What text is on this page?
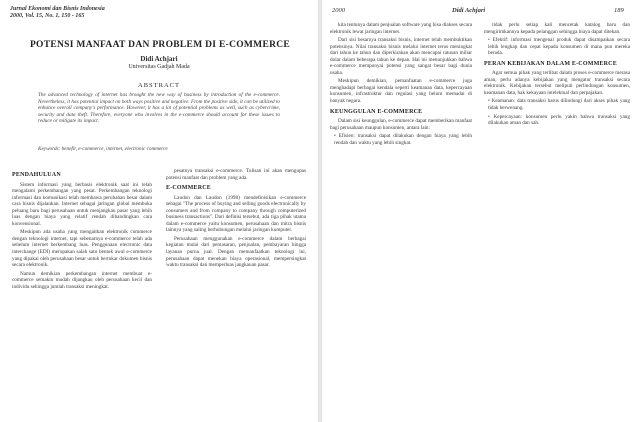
Jurnal Ekonomi dan Bisnis Indonesia
2000, Vol. 15, No. 1, 150 - 165
POTENSI MANFAAT DAN PROBLEM DI E-COMMERCE
Didi Achjari
Universitas Gadjah Mada
ABSTRACT
The advanced technology of internet has brought the new way of business by introduction of the e-commerce. Nevertheless, it has potential impact on both ways positive and negative. From the positive side, it can be utilized to enhance overall company's performance. However, it has a lot of potential problems as well, such as cybercrime, security and data theft. Therefore, everyone who involves in the e-commerce should account for these issues to reduce or mitigate its impact.
Keywords: benefit, e-commerce, internet, electronic commerce
PENDAHULUAN

Sistem informasi yang berbasis elektronik saat ini telah mengalami perkembangan yang pesat. Perkembangan teknologi informasi dan komunikasi telah membawa perubahan besar dalam cara bisnis dijalankan. Internet sebagai jaringan global membuka peluang baru bagi perusahaan untuk menjangkau pasar yang lebih luas dengan biaya yang relatif rendah dibandingkan cara konvensional.

Meskipun ada usaha yang mengaitkan elektronik commerce dengan teknologi internet, tapi sebenarnya e-commerce telah ada sebelum internet berkembang luas. Penggunaan electronic data interchange (EDI) merupakan salah satu bentuk awal e-commerce yang dipakai oleh perusahaan besar untuk bertukar dokumen bisnis secara elektronik.

Namun demikian perkembangan internet membuat e-commerce semakin mudah dijangkau oleh perusahaan kecil dan individu sehingga jumlah transaksi meningkat.

pesatnya transaksi e-commerce. Tulisan ini akan mengupas potensi manfaat dan problem yang ada.

E-COMMERCE

Laudon dan Laudon (1998) mendefinisikan e-commerce sebagai "The process of buying and selling goods electronically by consumers and from company to company through computerized business transactions". Dari definisi tersebut, ada tiga pihak utama dalam e-commerce yaitu konsumen, perusahaan dan mitra bisnis lainnya yang saling berhubungan melalui jaringan komputer.

Perusahaan menggunakan e-commerce dalam berbagai kegiatan mulai dari pemasaran, penjualan, pembayaran hingga layanan purna jual. Dengan memanfaatkan teknologi ini, perusahaan dapat menekan biaya operasional, mempersingkat waktu transaksi dan memperluas jangkauan pasar.

2000	Didi Achjari	189

kita tentunya dalam penjualan software yang bisa diakses secara elektronik lewat jaringan internet.

Dari sisi besarnya transaksi bisnis, internet telah membuktikan potensinya. Nilai transaksi bisnis melalui internet terus meningkat dari tahun ke tahun dan diperkirakan akan mencapai ratusan miliar dolar dalam beberapa tahun ke depan. Hal ini menunjukkan bahwa e-commerce mempunyai potensi yang sangat besar bagi dunia usaha.

Meskipun demikian, pemanfaatan e-commerce juga menghadapi berbagai kendala seperti keamanan data, kepercayaan konsumen, infrastruktur dan regulasi yang belum memadai di banyak negara.

KEUNGGULAN E-COMMERCE

Dalam sisi keunggulan, e-commerce dapat memberikan manfaat bagi perusahaan maupun konsumen, antara lain:

• Efisien: transaksi dapat dilakukan dengan biaya yang lebih rendah dan waktu yang lebih singkat.

tidak perlu setiap kali mencetak katalog baru dan mengirimkannya kepada pelanggan sehingga biaya dapat ditekan.

• Efektif: informasi mengenai produk dapat disampaikan secara lebih lengkap dan cepat kepada konsumen di mana pun mereka berada.
PERAN KEBIJAKAN DALAM E-COMMERCE

Agar semua pihak yang terlibat dalam proses e-commerce merasa aman, perlu adanya kebijakan yang mengatur transaksi secara elektronik. Kebijakan tersebut meliputi perlindungan konsumen, keamanan data, hak kekayaan intelektual dan perpajakan.

• Keamanan: data transaksi harus dilindungi dari akses pihak yang tidak berwenang.
• Kepercayaan: konsumen perlu yakin bahwa transaksi yang dilakukan aman dan sah.
